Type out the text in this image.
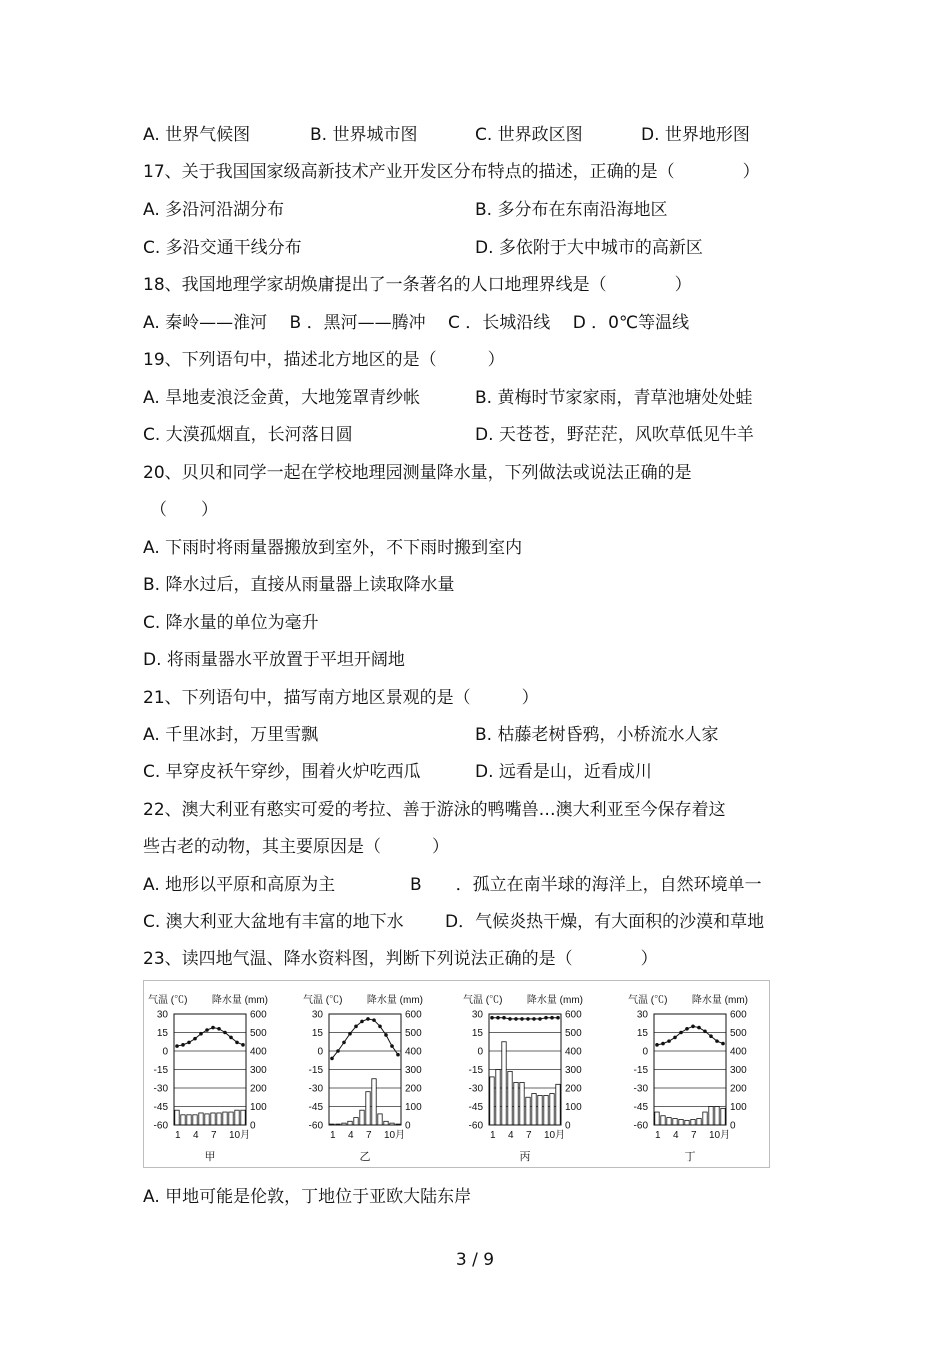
A. 世界气候图	B. 世界城市图	C. 世界政区图	D. 世界地形图
17、关于我国国家级高新技术产业开发区分布特点的描述，正确的是（　　　　）
A. 多沿河沿湖分布	B. 多分布在东南沿海地区
C. 多沿交通干线分布	D. 多依附于大中城市的高新区
18、我国地理学家胡焕庸提出了一条著名的人口地理界线是（　　　　）
A. 秦岭——淮河　 B ．黑河——腾冲　 C ．长城沿线　 D ．0℃等温线
19、下列语句中，描述北方地区的是（　　　）
A. 旱地麦浪泛金黄，大地笼罩青纱帐	B. 黄梅时节家家雨，青草池塘处处蛙
C. 大漠孤烟直，长河落日圆	D. 天苍苍，野茫茫，风吹草低见牛羊
20、贝贝和同学一起在学校地理园测量降水量，下列做法或说法正确的是
（　　）
A. 下雨时将雨量器搬放到室外，不下雨时搬到室内
B. 降水过后，直接从雨量器上读取降水量
C. 降水量的单位为毫升
D. 将雨量器水平放置于平坦开阔地
21、下列语句中，描写南方地区景观的是（　　　）
A. 千里冰封，万里雪飘	B. 枯藤老树昏鸦，小桥流水人家
C. 早穿皮袄午穿纱，围着火炉吃西瓜	D. 远看是山，近看成川
22、澳大利亚有憨实可爱的考拉、善于游泳的鸭嘴兽…澳大利亚至今保存着这
些古老的动物，其主要原因是（　　　）
A. 地形以平原和高原为主	B　　．孤立在南半球的海洋上，自然环境单一
C. 澳大利亚大盆地有丰富的地下水 D．气候炎热干燥，有大面积的沙漠和草地
23、读四地气温、降水资料图，判断下列说法正确的是（　　　　）
气温 (℃) 降水量 (mm)
30	600
15	500
0	400
-15	300
-30	200
-45	100
-60	0
1 4 7 10月
甲
气温 (℃) 降水量 (mm)
30	600
15	500
0	400
-15	300
-30	200
-45	100
-60	0
1 4 7 10月
乙
气温 (℃) 降水量 (mm)
30	600
15	500
0	400
-15	300
-30	200
-45	100
-60	0
1 4 7 10月
丙
气温 (℃) 降水量 (mm)
30	600
15	500
0	400
-15	300
-30	200
-45	100
-60	0
1 4 7 10月
丁
A. 甲地可能是伦敦，丁地位于亚欧大陆东岸
3 / 9
